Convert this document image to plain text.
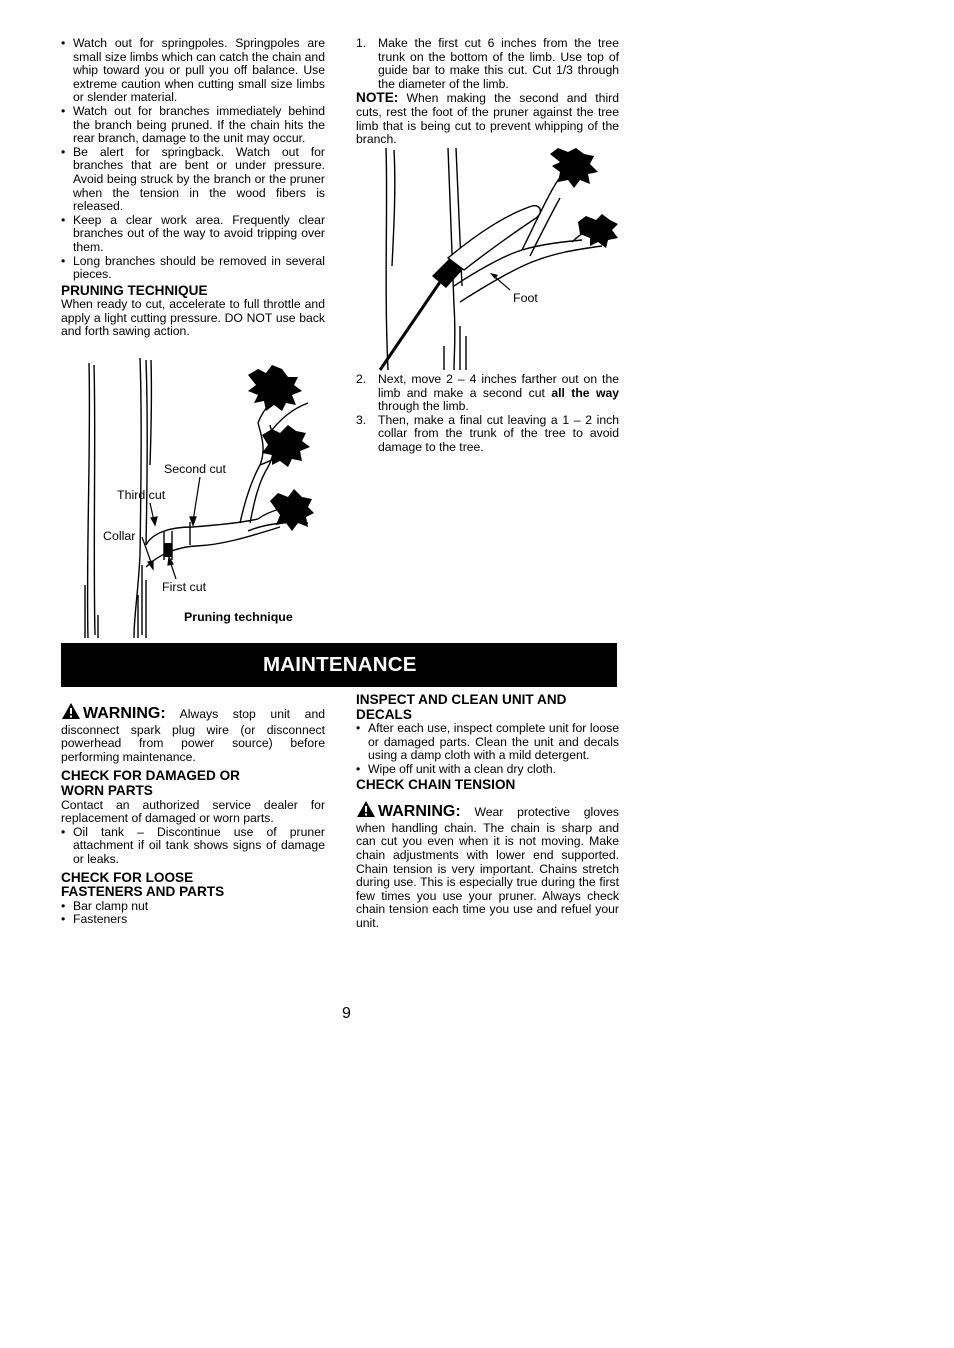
• Watch out for springpoles. Springpoles are small size limbs which can catch the chain and whip toward you or pull you off balance. Use extreme caution when cutting small size limbs or slender material.
• Watch out for branches immediately behind the branch being pruned. If the chain hits the rear branch, damage to the unit may occur.
• Be alert for springback. Watch out for branches that are bent or under pressure. Avoid being struck by the branch or the pruner when the tension in the wood fibers is released.
• Keep a clear work area. Frequently clear branches out of the way to avoid tripping over them.
• Long branches should be removed in several pieces.
PRUNING TECHNIQUE

When ready to cut, accelerate to full throttle and apply a light cutting pressure. DO NOT use back and forth sawing action.

Second cut
Third cut
Collar
First cut
Pruning technique
1. Make the first cut 6 inches from the tree trunk on the bottom of the limb. Use top of guide bar to make this cut. Cut 1/3 through the diameter of the limb.

NOTE: When making the second and third cuts, rest the foot of the pruner against the tree limb that is being cut to prevent whipping of the branch.

Foot
2. Next, move 2 – 4 inches farther out on the limb and make a second cut all the way through the limb.
3. Then, make a final cut leaving a 1 – 2 inch collar from the trunk of the tree to avoid damage to the tree.
MAINTENANCE

WARNING: Always stop unit and disconnect spark plug wire (or disconnect powerhead from power source) before performing maintenance.

CHECK FOR DAMAGED OR WORN PARTS

Contact an authorized service dealer for replacement of damaged or worn parts.

• Oil tank – Discontinue use of pruner attachment if oil tank shows signs of damage or leaks.
CHECK FOR LOOSE FASTENERS AND PARTS
• Bar clamp nut
• Fasteners
INSPECT AND CLEAN UNIT AND DECALS
• After each use, inspect complete unit for loose or damaged parts. Clean the unit and decals using a damp cloth with a mild detergent.
• Wipe off unit with a clean dry cloth.
CHECK CHAIN TENSION

WARNING: Wear protective gloves when handling chain. The chain is sharp and can cut you even when it is not moving. Make chain adjustments with lower end supported. Chain tension is very important. Chains stretch during use. This is especially true during the first few times you use your pruner. Always check chain tension each time you use and refuel your unit.

9
